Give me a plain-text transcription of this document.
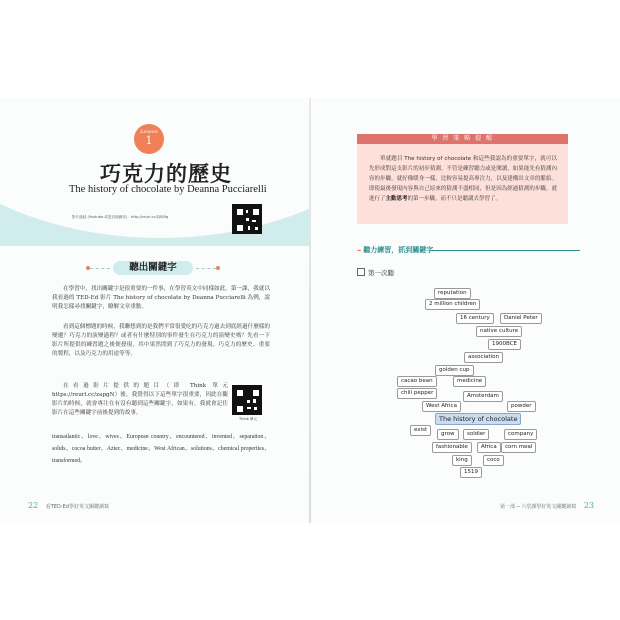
Lesson
1
巧克力的歷史
The history of chocolate by Deanna Pucciarelli
影片連結 (Youtube 或是其他網站)：http://reurl.cc/ZjEJRg
聽出關鍵字

在學習中，找出關鍵字是很重要的一件事，在學習英文中同樣如此。第一課，我就以我看過的 TED-Ed 影片 The history of chocolate by Deanna Pucciarelli 為例，說明我怎樣尋找關鍵字，瞭解文章重點。

看到這個標題的時候，我聯想到的是我們平常很愛吃的巧克力過去到底經過什麼樣的變遷？巧克力的演變過程？或者有什麼特別的事件發生在巧克力的演變史嗎？先看一下影片所提供的練習題之後便發現，其中果然問到了巧克力的發現、巧克力的歷史、重要的製程，以及巧克力的用途等等。

在看過影片提供的題目（即 Think 單元 https://reurl.cc/zapgN）後，我覺得以下這些單字很重要，因此在觀影片的時候，就會專注在有沒有聽到這些關鍵字，如果有，我就會記住影片在這些關鍵字前後提到的故事。

Think 單元

transatlantic、love、wives、European country、encountered、invented、separation、solids、cocoa butter、Aztec、medicine、West African、solutions、chemical properties、transformed。

22 看TED-Ed學好英文關鍵讀寫
學 習 策 略 提 醒

單就題目 The history of chocolate 和這些我認為的重要單字，就可以先形成對這支影片的初步猜測。不管是練習聽力或是閱讀，如果能先有猜測內容的步驟，就好像暖身一樣，比較容易提高專注力，以及建構出文章的脈絡。即使最後發現內容與自己原來的猜測不盡相同，但是因為經過猜測的步驟，就進行了主動思考的第一步驟，而不只是聽講式學習了。

➡ 聽力練習，抓到關鍵字
第一次聽
reputation
2 million children
16 century	Daniel Peter
native culture
1900BCE
association
golden cup
cacao bean	medicine
chili pepper	Amsterdam
West Africa	powder
exist
grow	soldier	company
fashionable	Africa	corn meal
king	coco
1519
The history of chocolate
第一部 ─ 六堂課學好英文關鍵讀寫 23
